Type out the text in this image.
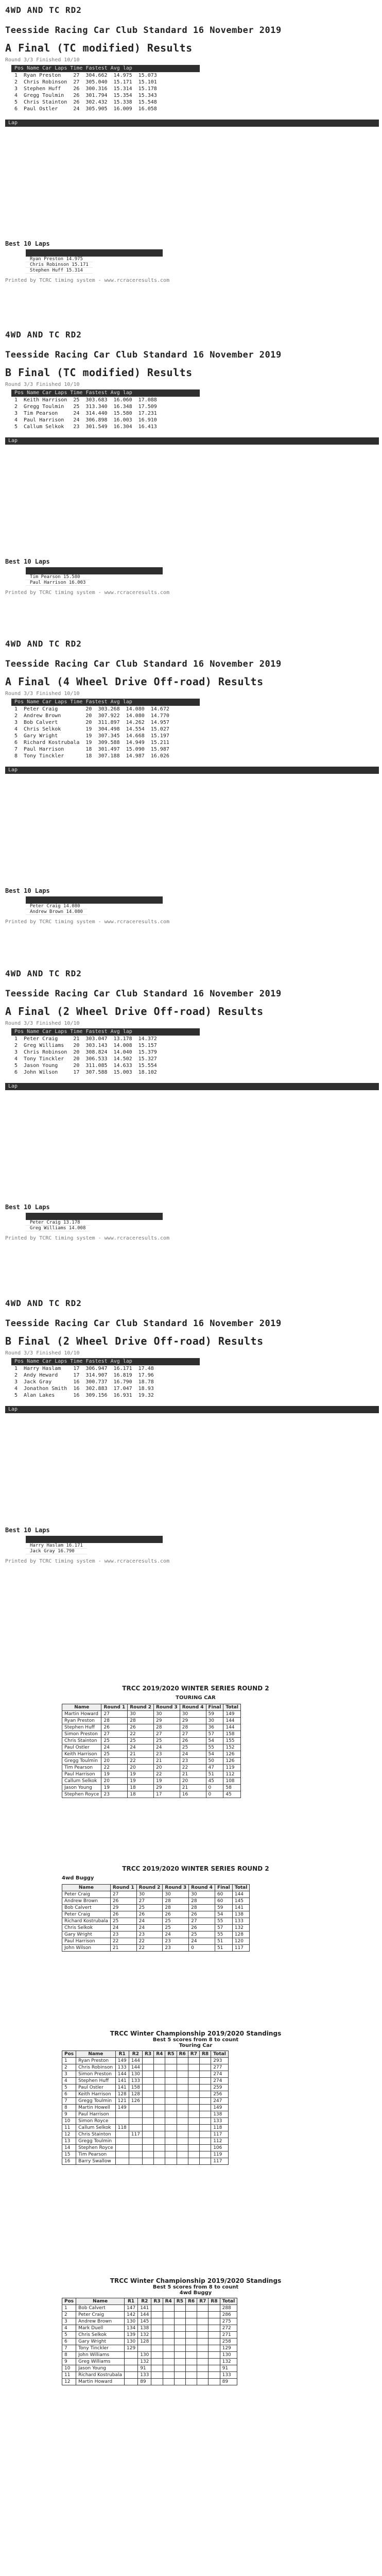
4WD AND TC RD2
Teesside Racing Car Club Standard 16 November 2019
A Final (TC modified) Results
Round 3/3 Finished 10/10
Pos Name Car Laps Time Fastest Avg lap
1	Ryan Preston	27	304.662	14.975	15.073
2	Chris Robinson	27	305.040	15.171	15.101
3	Stephen Huff	26	300.316	15.314	15.178
4	Gregg Toulmin	26	301.794	15.354	15.343
5	Chris Stainton	26	302.432	15.338	15.548
6	Paul Ostler	24	305.905	16.009	16.058
Lap
Best 10 Laps
Ryan Preston 14.975
Chris Robinson 15.171
Stephen Huff 15.314
Printed by TCRC timing system - www.rcraceresults.com
4WD AND TC RD2
Teesside Racing Car Club Standard 16 November 2019
B Final (TC modified) Results
Round 3/3 Finished 10/10
Pos Name Car Laps Time Fastest Avg lap
1	Keith Harrison	25	303.683	16.060	17.088
2	Gregg Toulmin	25	313.340	16.348	17.509
3	Tim Pearson	24	314.440	15.580	17.231
4	Paul Harrison	24	306.898	16.003	16.910
5	Callum Selkok	23	301.549	16.304	16.413
Lap
Best 10 Laps
Tim Pearson 15.580
Paul Harrison 16.003
Printed by TCRC timing system - www.rcraceresults.com
4WD AND TC RD2
Teesside Racing Car Club Standard 16 November 2019
A Final (4 Wheel Drive Off-road) Results
Round 3/3 Finished 10/10
Pos Name Car Laps Time Fastest Avg lap
1	Peter Craig	20	303.268	14.080	14.672
2	Andrew Brown	20	307.922	14.080	14.770
3	Bob Calvert	20	311.897	14.262	14.957
4	Chris Selkok	19	304.498	14.554	15.027
5	Gary Wright	19	307.345	14.668	15.197
6	Richard Kostrubala	19	309.588	14.949	15.211
7	Paul Harrison	18	301.497	15.090	15.987
8	Tony Tinckler	18	307.188	14.987	16.026
Lap
Best 10 Laps
Peter Craig 14.080
Andrew Brown 14.080
Printed by TCRC timing system - www.rcraceresults.com
4WD AND TC RD2
Teesside Racing Car Club Standard 16 November 2019
A Final (2 Wheel Drive Off-road) Results
Round 3/3 Finished 10/10
Pos Name Car Laps Time Fastest Avg lap
1	Peter Craig	21	303.047	13.178	14.372
2	Greg Williams	20	303.143	14.008	15.157
3	Chris Robinson	20	308.824	14.040	15.379
4	Tony Tinckler	20	306.533	14.502	15.327
5	Jason Young	20	311.085	14.633	15.554
6	John Wilson	17	307.588	15.003	18.102
Lap
Best 10 Laps
Peter Craig 13.178
Greg Williams 14.008
Printed by TCRC timing system - www.rcraceresults.com
4WD AND TC RD2
Teesside Racing Car Club Standard 16 November 2019
B Final (2 Wheel Drive Off-road) Results
Round 3/3 Finished 10/10
Pos Name Car Laps Time Fastest Avg lap
1	Harry Haslam	17	306.947	16.171	17.48
2	Andy Heward	17	314.907	16.819	17.96
3	Jack Gray	16	300.737	16.790	18.78
4	Jonathon Smith	16	302.883	17.047	18.93
5	Alan Lakes	16	309.156	16.931	19.32
Lap
Best 10 Laps
Harry Haslam 16.171
Jack Gray 16.790
Printed by TCRC timing system - www.rcraceresults.com
TRCC 2019/2020 WINTER SERIES ROUND 2
TOURING CAR
Name	Round 1	Round 2	Round 3	Round 4	Final	Total
Martin Howard	27	30	30	30	59	149
Ryan Preston	28	28	29	29	30	144
Stephen Huff	26	26	28	28	36	144
Simon Preston	27	22	27	27	57	158
Chris Stainton	25	25	25	26	54	155
Paul Ostler	24	24	24	25	55	152
Keith Harrison	25	21	23	24	54	126
Gregg Toulmin	20	22	21	23	50	126
Tim Pearson	22	20	20	22	47	119
Paul Harrison	19	19	22	21	51	112
Callum Selkok	20	19	19	20	45	108
Jason Young	19	18	29	21	0	58
Stephen Royce	23	18	17	16	0	45
TRCC 2019/2020 WINTER SERIES ROUND 2
4wd Buggy
Name	Round 1	Round 2	Round 3	Round 4	Final	Total
Peter Craig	27	30	30	30	60	144
Andrew Brown	26	27	28	28	60	145
Bob Calvert	29	25	28	28	59	141
Peter Craig	26	26	26	26	54	138
Richard Kostrubala	25	24	25	27	55	133
Chris Selkok	24	24	25	26	57	132
Gary Wright	23	23	24	25	55	128
Paul Harrison	22	22	23	24	51	120
John Wilson	21	22	23	0	51	117
TRCC Winter Championship 2019/2020 Standings
Best 5 scores from 8 to count
Touring Car
Pos	Name	R1	R2	R3	R4	R5	R6	R7	R8	Total
1	Ryan Preston	149	144							293
2	Chris Robinson	133	144							277
3	Simon Preston	144	130							274
4	Stephen Huff	141	133							274
5	Paul Ostler	141	158							259
6	Keith Harrison	128	128							256
7	Gregg Toulmin	121	126							247
8	Martin Howell	149								149
9	Paul Harrison									138
10	Simon Royce									133
11	Callum Selkok	118								118
12	Chris Stainton		117							117
13	Gregg Toulmin									112
14	Stephen Royce									106
15	Tim Pearson									119
16	Barry Swallow									117
TRCC Winter Championship 2019/2020 Standings
Best 5 scores from 8 to count
4wd Buggy
Pos	Name	R1	R2	R3	R4	R5	R6	R7	R8	Total
1	Bob Calvert	147	141							288
2	Peter Craig	142	144							286
3	Andrew Brown	130	145							275
4	Mark Duell	134	138							272
5	Chris Selkok	139	132							271
6	Gary Wright	130	128							258
7	Tony Tinckler	129								129
8	John Williams		130							130
9	Greg Williams		132							132
10	Jason Young		91							91
11	Richard Kostrubala		133							133
12	Martin Howard		89							89
